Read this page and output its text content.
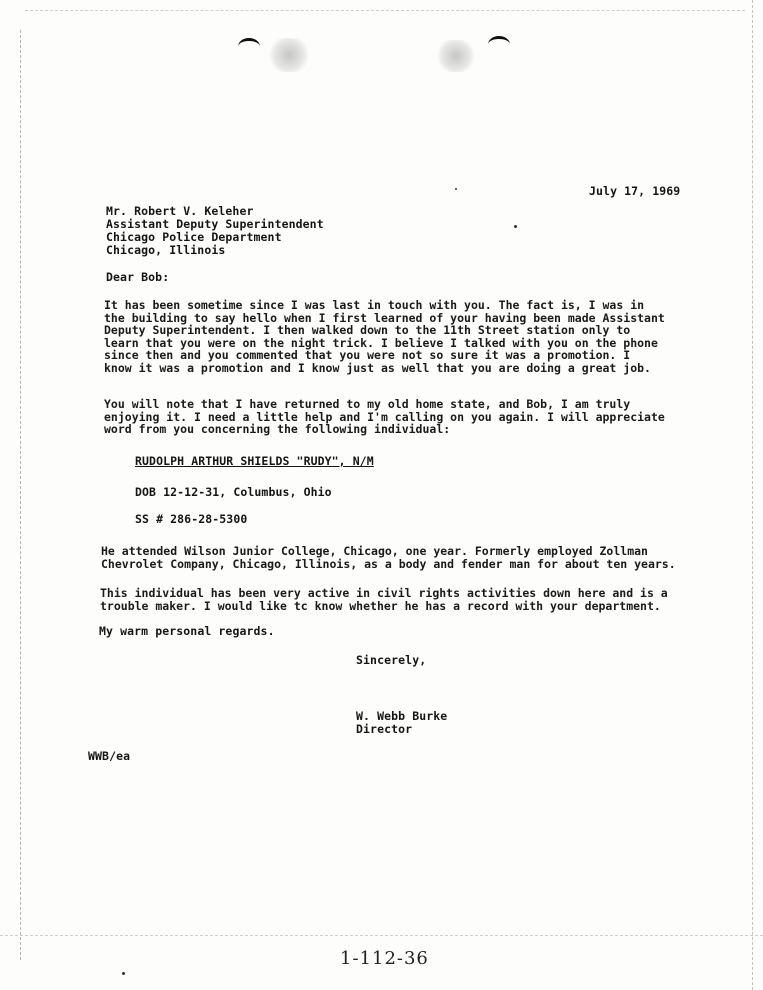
July 17, 1969
Mr. Robert V. Keleher
Assistant Deputy Superintendent
Chicago Police Department
Chicago, Illinois
Dear Bob:
It has been sometime since I was last in touch with you. The fact is, I was in
the building to say hello when I first learned of your having been made Assistant
Deputy Superintendent. I then walked down to the 11th Street station only to
learn that you were on the night trick. I believe I talked with you on the phone
since then and you commented that you were not so sure it was a promotion. I
know it was a promotion and I know just as well that you are doing a great job.
You will note that I have returned to my old home state, and Bob, I am truly
enjoying it. I need a little help and I'm calling on you again. I will appreciate
word from you concerning the following individual:
RUDOLPH ARTHUR SHIELDS "RUDY", N/M
DOB 12-12-31, Columbus, Ohio
SS # 286-28-5300
He attended Wilson Junior College, Chicago, one year. Formerly employed Zollman
Chevrolet Company, Chicago, Illinois, as a body and fender man for about ten years.
This individual has been very active in civil rights activities down here and is a
trouble maker. I would like tc know whether he has a record with your department.
My warm personal regards.
Sincerely,
W. Webb Burke
Director
WWB/ea
1-112-36
